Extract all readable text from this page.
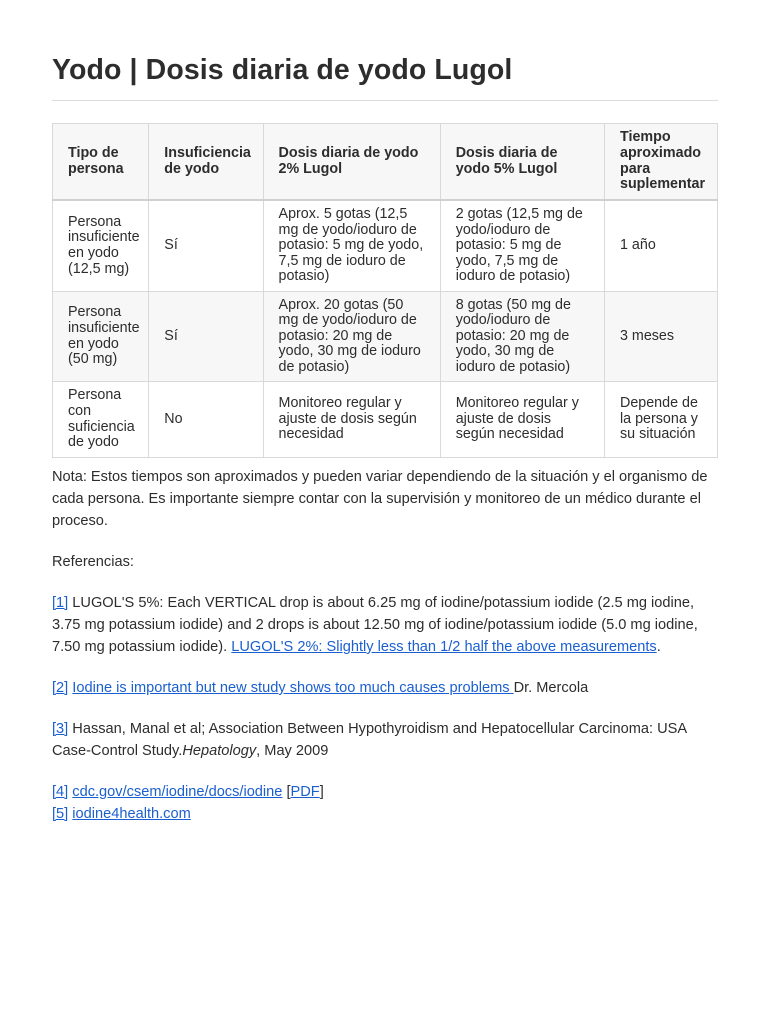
Yodo | Dosis diaria de yodo Lugol
Tipo de persona	Insuficiencia de yodo	Dosis diaria de yodo 2% Lugol	Dosis diaria de yodo 5% Lugol	Tiempo aproximado para suplementar
Persona insuficiente en yodo (12,5 mg)	Sí	Aprox. 5 gotas (12,5 mg de yodo/ioduro de potasio: 5 mg de yodo, 7,5 mg de ioduro de potasio)	2 gotas (12,5 mg de yodo/ioduro de potasio: 5 mg de yodo, 7,5 mg de ioduro de potasio)	1 año
Persona insuficiente en yodo (50 mg)	Sí	Aprox. 20 gotas (50 mg de yodo/ioduro de potasio: 20 mg de yodo, 30 mg de ioduro de potasio)	8 gotas (50 mg de yodo/ioduro de potasio: 20 mg de yodo, 30 mg de ioduro de potasio)	3 meses
Persona con suficiencia de yodo	No	Monitoreo regular y ajuste de dosis según necesidad	Monitoreo regular y ajuste de dosis según necesidad	Depende de la persona y su situación

Nota: Estos tiempos son aproximados y pueden variar dependiendo de la situación y el organismo de cada persona. Es importante siempre contar con la supervisión y monitoreo de un médico durante el proceso.

Referencias:

[1] LUGOL'S 5%: Each VERTICAL drop is about 6.25 mg of iodine/potassium iodide (2.5 mg iodine, 3.75 mg potassium iodide) and 2 drops is about 12.50 mg of iodine/potassium iodide (5.0 mg iodine, 7.50 mg potassium iodide). LUGOL'S 2%: Slightly less than 1/2 half the above measurements.

[2] Iodine is important but new study shows too much causes problems Dr. Mercola

[3] Hassan, Manal et al; Association Between Hypothyroidism and Hepatocellular Carcinoma: USA Case-Control Study.Hepatology, May 2009

[4] cdc.gov/csem/iodine/docs/iodine [PDF]

[5] iodine4health.com
